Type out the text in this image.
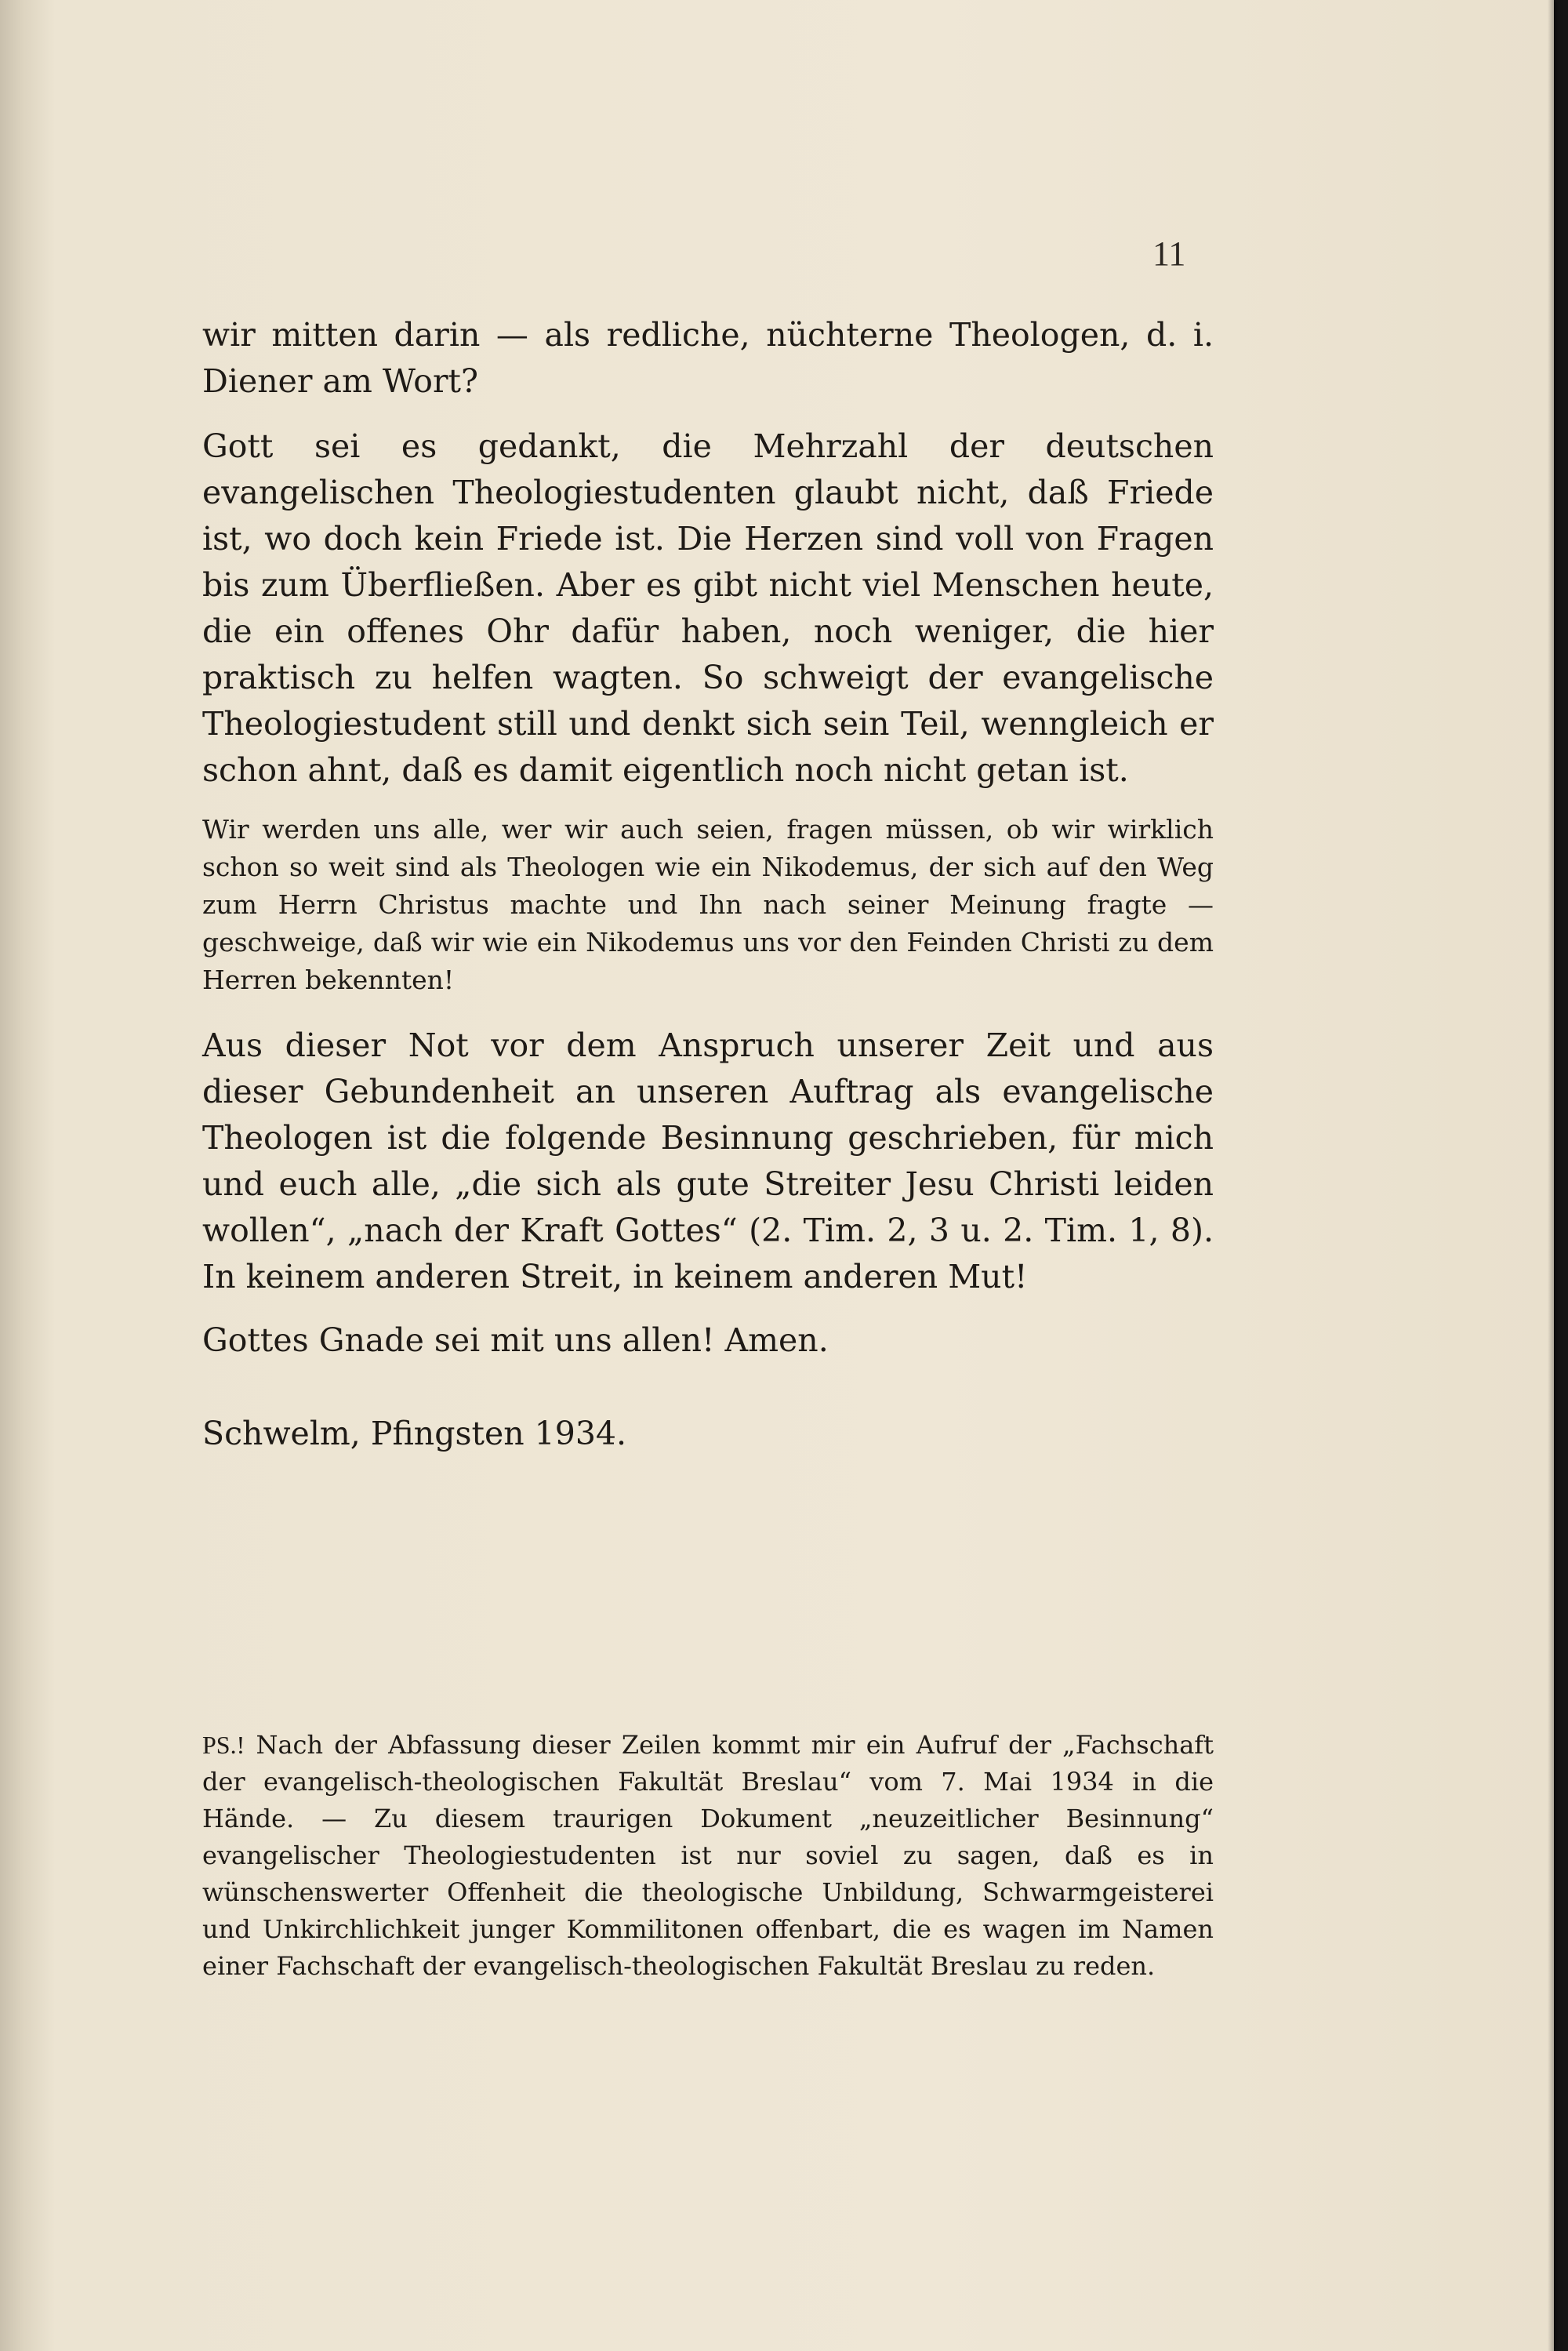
11

wir mitten darin — als redliche, nüchterne Theologen, d. i. Diener am Wort?

Gott sei es gedankt, die Mehrzahl der deutschen evangelischen Theologiestudenten glaubt nicht, daß Friede ist, wo doch kein Friede ist. Die Herzen sind voll von Fragen bis zum Überfließen. Aber es gibt nicht viel Menschen heute, die ein offenes Ohr dafür haben, noch weniger, die hier praktisch zu helfen wagten. So schweigt der evangelische Theologiestudent still und denkt sich sein Teil, wenngleich er schon ahnt, daß es damit eigentlich noch nicht getan ist.

Wir werden uns alle, wer wir auch seien, fragen müssen, ob wir wirklich schon so weit sind als Theologen wie ein Nikodemus, der sich auf den Weg zum Herrn Christus machte und Ihn nach seiner Meinung fragte — geschweige, daß wir wie ein Nikodemus uns vor den Feinden Christi zu dem Herren bekennten!

Aus dieser Not vor dem Anspruch unserer Zeit und aus dieser Gebundenheit an unseren Auftrag als evangelische Theologen ist die folgende Besinnung geschrieben, für mich und euch alle, „die sich als gute Streiter Jesu Christi leiden wollen“, „nach der Kraft Gottes“ (2. Tim. 2, 3 u. 2. Tim. 1, 8). In keinem anderen Streit, in keinem anderen Mut!

Gottes Gnade sei mit uns allen! Amen.

Schwelm, Pfingsten 1934.

PS.! Nach der Abfassung dieser Zeilen kommt mir ein Aufruf der „Fachschaft der evangelisch-theologischen Fakultät Breslau“ vom 7. Mai 1934 in die Hände. — Zu diesem traurigen Dokument „neuzeitlicher Besinnung“ evangelischer Theologiestudenten ist nur soviel zu sagen, daß es in wünschenswerter Offenheit die theologische Unbildung, Schwarmgeisterei und Unkirchlichkeit junger Kommilitonen offenbart, die es wagen im Namen einer Fachschaft der evangelisch-theologischen Fakultät Breslau zu reden.
